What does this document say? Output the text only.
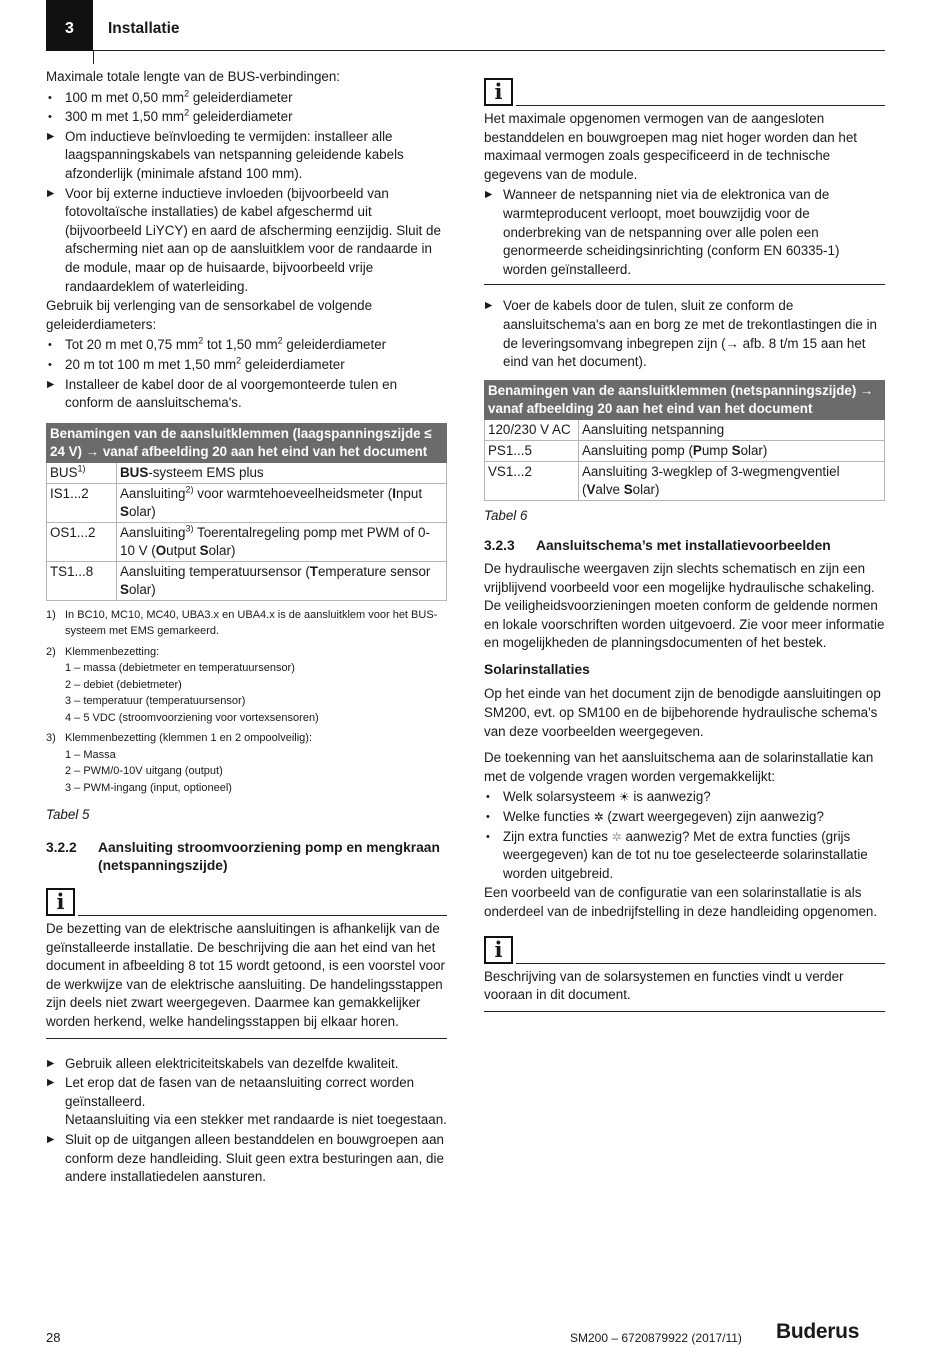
3	Installatie

Maximale totale lengte van de BUS-verbindingen:

• 100 m met 0,50 $mm^2$ geleiderdiameter
• 300 m met 1,50 $mm^2$ geleiderdiameter
▶ Om inductieve beïnvloeding te vermijden: installeer alle laagspanningskabels van netspanning geleidende kabels afzonderlijk (minimale afstand 100 mm).
▶ Voor bij externe inductieve invloeden (bijvoorbeeld van fotovoltaïsche installaties) de kabel afgeschermd uit (bijvoorbeeld LiYCY) en aard de afscherming eenzijdig. Sluit de afscherming niet aan op de aansluitklem voor de randaarde in de module, maar op de huisaarde, bijvoorbeeld vrije randaardeklem of waterleiding.

Gebruik bij verlenging van de sensorkabel de volgende geleiderdiameters:

• Tot 20 m met 0,75 $mm^2$ tot 1,50 $mm^2$ geleiderdiameter
• 20 m tot 100 m met 1,50 $mm^2$ geleiderdiameter
▶ Installeer de kabel door de al voorgemonteerde tulen en conform de aansluitschema's.
Benamingen van de aansluitklemmen (laagspanningszijde ≤ 24 V) → vanaf afbeelding 20 aan het eind van het document	
BUS$^{1)}$	BUS-systeem EMS plus
IS1...2	Aansluiting$^{2)}$ voor warmtehoeveelheidsmeter (Input Solar)
OS1...2	Aansluiting$^{3)}$ Toerentalregeling pomp met PWM of 0-10 V (Output Solar)
TS1...8	Aansluiting temperatuursensor (Temperature sensor Solar)
1) In BC10, MC10, MC40, UBA3.x en UBA4.x is de aansluitklem voor het BUS-systeem met EMS gemarkeerd.
2) Klemmenbezetting:
1 – massa (debietmeter en temperatuursensor)
2 – debiet (debietmeter)
3 – temperatuur (temperatuursensor)
4 – 5 VDC (stroomvoorziening voor vortexsensoren)
3) Klemmenbezetting (klemmen 1 en 2 ompoolveilig):
1 – Massa
2 – PWM/0-10V uitgang (output)
3 – PWM-ingang (input, optioneel)

Tabel 5

3.2.2	Aansluiting stroomvoorziening pomp en mengkraan (netspanningszijde)
i

De bezetting van de elektrische aansluitingen is afhankelijk van de geïnstalleerde installatie. De beschrijving die aan het eind van het document in afbeelding 8 tot 15 wordt getoond, is een voorstel voor de werkwijze van de elektrische aansluiting. De handelingsstappen zijn deels niet zwart weergegeven. Daarmee kan gemakkelijker worden herkend, welke handelingsstappen bij elkaar horen.

▶ Gebruik alleen elektriciteitskabels van dezelfde kwaliteit.
▶ Let erop dat de fasen van de netaansluiting correct worden geïnstalleerd.
Netaansluiting via een stekker met randaarde is niet toegestaan.
▶ Sluit op de uitgangen alleen bestanddelen en bouwgroepen aan conform deze handleiding. Sluit geen extra besturingen aan, die andere installatiedelen aansturen.
i

Het maximale opgenomen vermogen van de aangesloten bestanddelen en bouwgroepen mag niet hoger worden dan het maximaal vermogen zoals gespecificeerd in de technische gegevens van de module.

▶ Wanneer de netspanning niet via de elektronica van de warmteproducent verloopt, moet bouwzijdig voor de onderbreking van de netspanning over alle polen een genormeerde scheidingsinrichting (conform EN 60335-1) worden geïnstalleerd.
▶ Voer de kabels door de tulen, sluit ze conform de aansluitschema's aan en borg ze met de trekontlastingen die in de leveringsomvang inbegrepen zijn (→ afb. 8 t/m 15 aan het eind van het document).
Benamingen van de aansluitklemmen (netspanningszijde) → vanaf afbeelding 20 aan het eind van het document	
120/230 V AC	Aansluiting netspanning
PS1...5	Aansluiting pomp (Pump Solar)
VS1...2	Aansluiting 3-wegklep of 3-wegmengventiel (Valve Solar)

Tabel 6

3.2.3	Aansluitschema’s met installatievoorbeelden

De hydraulische weergaven zijn slechts schematisch en zijn een vrijblijvend voorbeeld voor een mogelijke hydraulische schakeling. De veiligheidsvoorzieningen moeten conform de geldende normen en lokale voorschriften worden uitgevoerd. Zie voor meer informatie en mogelijkheden de planningsdocumenten of het bestek.

Solarinstallaties

Op het einde van het document zijn de benodigde aansluitingen op SM200, evt. op SM100 en de bijbehorende hydraulische schema's van deze voorbeelden weergegeven.

De toekenning van het aansluitschema aan de solarinstallatie kan met de volgende vragen worden vergemakkelijkt:

• Welk solarsysteem ☀︎ is aanwezig?
• Welke functies ✲ (zwart weergegeven) zijn aanwezig?
• Zijn extra functies ✲ aanwezig? Met de extra functies (grijs weergegeven) kan de tot nu toe geselecteerde solarinstallatie worden uitgebreid.

Een voorbeeld van de configuratie van een solarinstallatie is als onderdeel van de inbedrijfstelling in deze handleiding opgenomen.

i

Beschrijving van de solarsystemen en functies vindt u verder vooraan in dit document.

28	SM200 – 6720879922 (2017/11) Buderus
